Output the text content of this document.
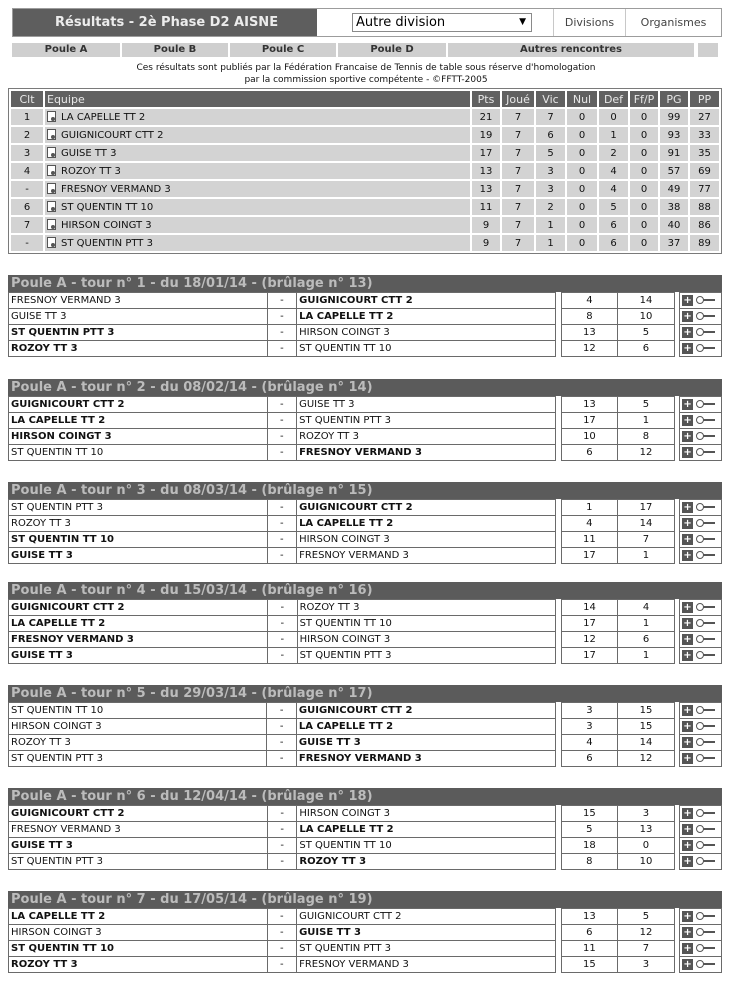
Résultats - 2è Phase D2 AISNE	Autre division	▼	Divisions	Organismes
Poule A	Poule B	Poule C	Poule D	Autres rencontres
Ces résultats sont publiés par la Fédération Francaise de Tennis de table sous réserve d'homologation
par la commission sportive compétente - ©FFTT-2005
Clt	Equipe	Pts	Joué	Vic	Nul	Def	Ff/P	PG	PP
1	LA CAPELLE TT 2	21	7	7	0	0	0	99	27
2	GUIGNICOURT CTT 2	19	7	6	0	1	0	93	33
3	GUISE TT 3	17	7	5	0	2	0	91	35
4	ROZOY TT 3	13	7	3	0	4	0	57	69
-	FRESNOY VERMAND 3	13	7	3	0	4	0	49	77
6	ST QUENTIN TT 10	11	7	2	0	5	0	38	88
7	HIRSON COINGT 3	9	7	1	0	6	0	40	86
-	ST QUENTIN PTT 3	9	7	1	0	6	0	37	89
Poule A - tour n° 1 - du 18/01/14 - (brûlage n° 13)
FRESNOY VERMAND 3	-	GUIGNICOURT CTT 2		4	14		+
GUISE TT 3	-	LA CAPELLE TT 2		8	10		+
ST QUENTIN PTT 3	-	HIRSON COINGT 3		13	5		+
ROZOY TT 3	-	ST QUENTIN TT 10		12	6		+
Poule A - tour n° 2 - du 08/02/14 - (brûlage n° 14)
GUIGNICOURT CTT 2	-	GUISE TT 3		13	5		+
LA CAPELLE TT 2	-	ST QUENTIN PTT 3		17	1		+
HIRSON COINGT 3	-	ROZOY TT 3		10	8		+
ST QUENTIN TT 10	-	FRESNOY VERMAND 3		6	12		+
Poule A - tour n° 3 - du 08/03/14 - (brûlage n° 15)
ST QUENTIN PTT 3	-	GUIGNICOURT CTT 2		1	17		+
ROZOY TT 3	-	LA CAPELLE TT 2		4	14		+
ST QUENTIN TT 10	-	HIRSON COINGT 3		11	7		+
GUISE TT 3	-	FRESNOY VERMAND 3		17	1		+
Poule A - tour n° 4 - du 15/03/14 - (brûlage n° 16)
GUIGNICOURT CTT 2	-	ROZOY TT 3		14	4		+
LA CAPELLE TT 2	-	ST QUENTIN TT 10		17	1		+
FRESNOY VERMAND 3	-	HIRSON COINGT 3		12	6		+
GUISE TT 3	-	ST QUENTIN PTT 3		17	1		+
Poule A - tour n° 5 - du 29/03/14 - (brûlage n° 17)
ST QUENTIN TT 10	-	GUIGNICOURT CTT 2		3	15		+
HIRSON COINGT 3	-	LA CAPELLE TT 2		3	15		+
ROZOY TT 3	-	GUISE TT 3		4	14		+
ST QUENTIN PTT 3	-	FRESNOY VERMAND 3		6	12		+
Poule A - tour n° 6 - du 12/04/14 - (brûlage n° 18)
GUIGNICOURT CTT 2	-	HIRSON COINGT 3		15	3		+
FRESNOY VERMAND 3	-	LA CAPELLE TT 2		5	13		+
GUISE TT 3	-	ST QUENTIN TT 10		18	0		+
ST QUENTIN PTT 3	-	ROZOY TT 3		8	10		+
Poule A - tour n° 7 - du 17/05/14 - (brûlage n° 19)
LA CAPELLE TT 2	-	GUIGNICOURT CTT 2		13	5		+
HIRSON COINGT 3	-	GUISE TT 3		6	12		+
ST QUENTIN TT 10	-	ST QUENTIN PTT 3		11	7		+
ROZOY TT 3	-	FRESNOY VERMAND 3		15	3		+
